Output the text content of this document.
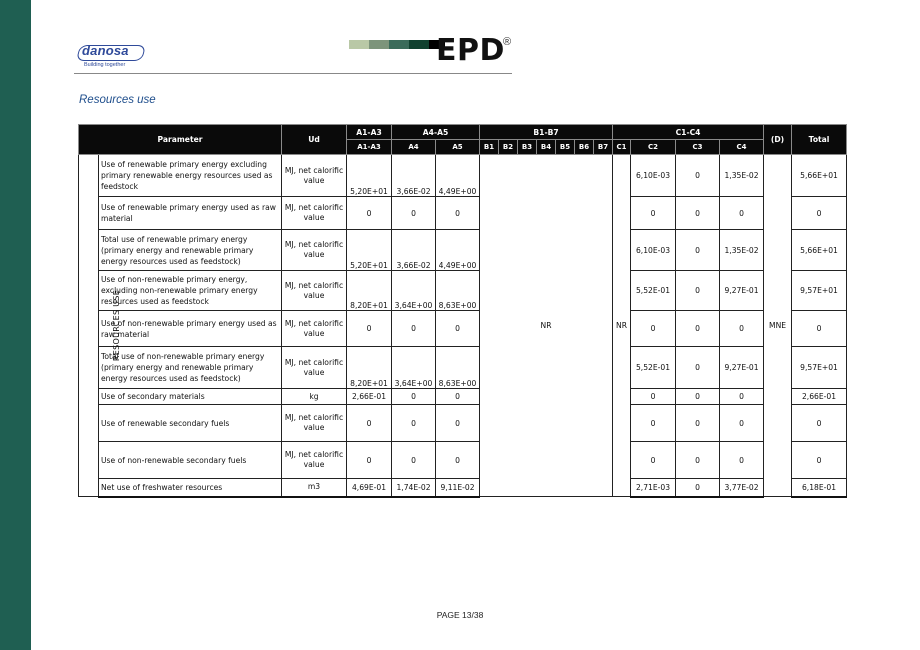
danosa
Building together	EPD
®
Resources use
Parameter		Ud	A1-A3	A4-A5		B1-B7							C1-C4				(D)	Total
			A1-A3	A4	A5	B1	B2	B3	B4	B5	B6	B7	C1	C2	C3	C4		
RESOURCES USE	Use of renewable primary energy excluding primary renewable energy resources used as feedstock	MJ, net calorific value	5,20E+01	3,66E-02	4,49E+00	NR							NR	6,10E-03	0	1,35E-02	MNE	5,66E+01
	Use of renewable primary energy used as raw material	MJ, net calorific value	0	0	0									0	0	0		0
	Total use of renewable primary energy (primary energy and renewable primary energy resources used as feedstock)	MJ, net calorific value	5,20E+01	3,66E-02	4,49E+00									6,10E-03	0	1,35E-02		5,66E+01
	Use of non-renewable primary energy, excluding non-renewable primary energy resources used as feedstock	MJ, net calorific value	8,20E+01	3,64E+00	8,63E+00									5,52E-01	0	9,27E-01		9,57E+01
	Use of non-renewable primary energy used as raw material	MJ, net calorific value	0	0	0									0	0	0		0
	Total use of non-renewable primary energy (primary energy and renewable primary energy resources used as feedstock)	MJ, net calorific value	8,20E+01	3,64E+00	8,63E+00									5,52E-01	0	9,27E-01		9,57E+01
	Use of secondary materials	kg	2,66E-01	0	0									0	0	0		2,66E-01
	Use of renewable secondary fuels	MJ, net calorific value	0	0	0									0	0	0		0
	Use of non-renewable secondary fuels	MJ, net calorific value	0	0	0									0	0	0		0
	Net use of freshwater resources	m3	4,69E-01	1,74E-02	9,11E-02									2,71E-03	0	3,77E-02		6,18E-01
PAGE 13/38
